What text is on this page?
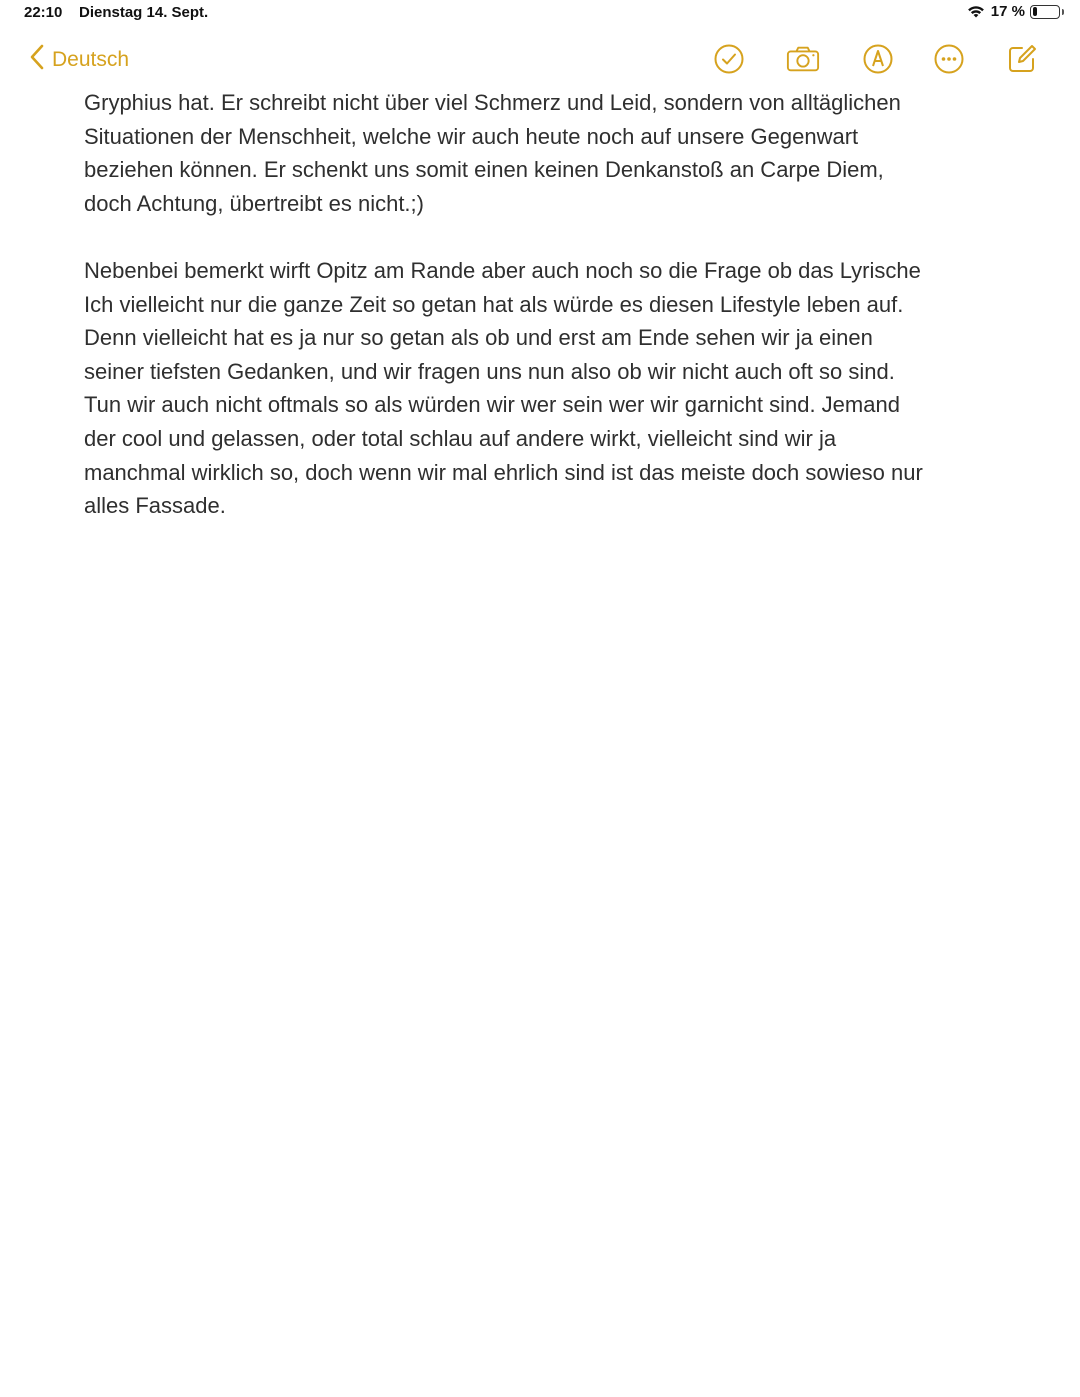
22:10 Dienstag 14. Sept.	17 %
Deutsch

Gryphius hat. Er schreibt nicht über viel Schmerz und Leid, sondern von alltäglichen
Situationen der Menschheit, welche wir auch heute noch auf unsere Gegenwart
beziehen können. Er schenkt uns somit einen keinen Denkanstoß an Carpe Diem,
doch Achtung, übertreibt es nicht.;)

Nebenbei bemerkt wirft Opitz am Rande aber auch noch so die Frage ob das Lyrische
Ich vielleicht nur die ganze Zeit so getan hat als würde es diesen Lifestyle leben auf.
Denn vielleicht hat es ja nur so getan als ob und erst am Ende sehen wir ja einen
seiner tiefsten Gedanken, und wir fragen uns nun also ob wir nicht auch oft so sind.
Tun wir auch nicht oftmals so als würden wir wer sein wer wir garnicht sind. Jemand
der cool und gelassen, oder total schlau auf andere wirkt, vielleicht sind wir ja
manchmal wirklich so, doch wenn wir mal ehrlich sind ist das meiste doch sowieso nur
alles Fassade.
